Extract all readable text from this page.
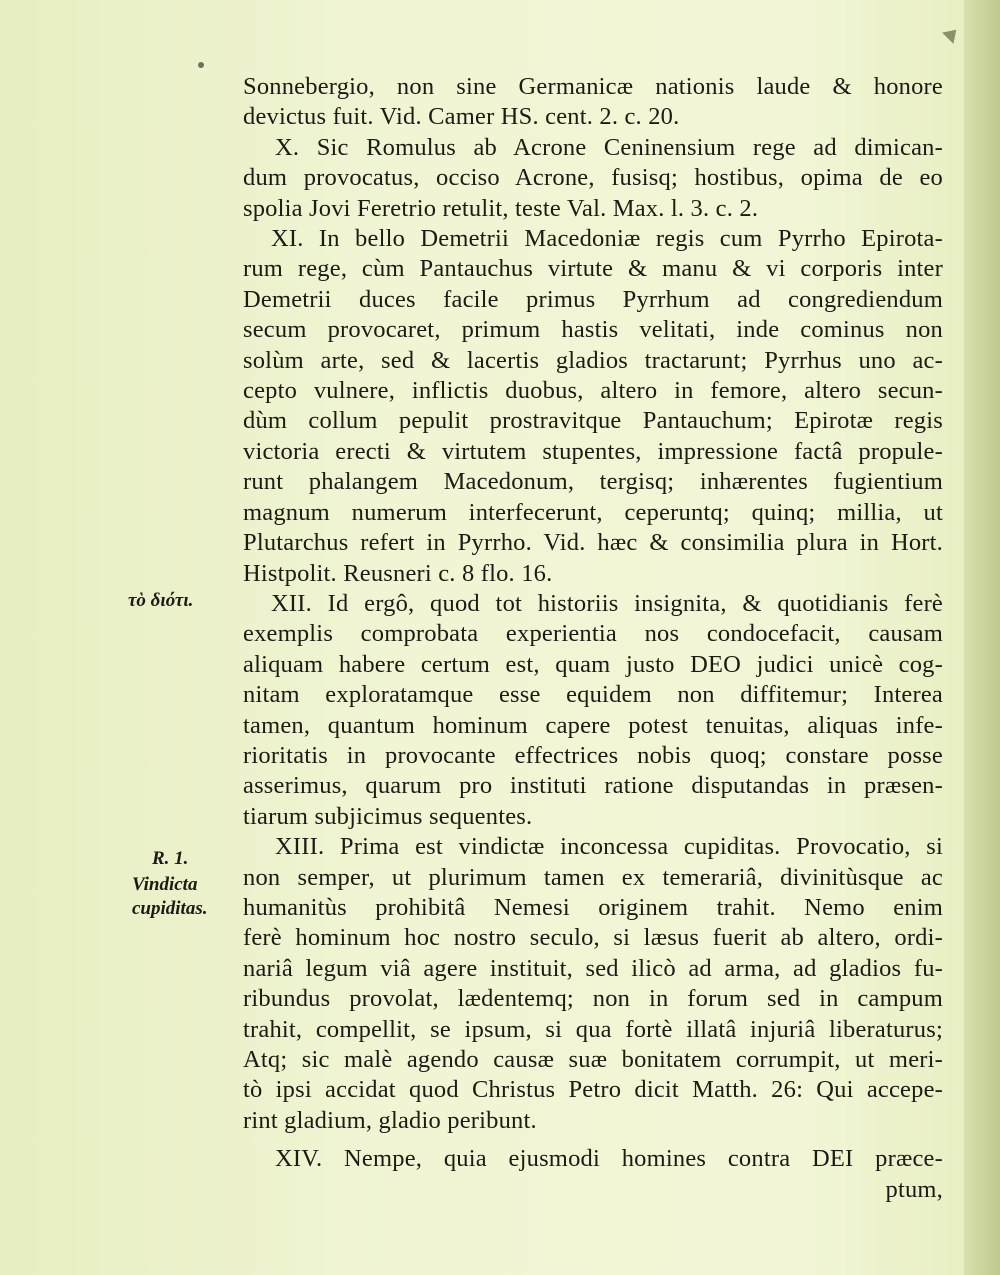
Sonnebergio, non sine Germanicæ nationis laude & honore
devictus fuit. Vid. Camer HS. cent. 2. c. 20.
X. Sic Romulus ab Acrone Ceninensium rege ad dimican-
dum provocatus, occiso Acrone, fusisq; hostibus, opima de eo
spolia Jovi Feretrio retulit, teste Val. Max. l. 3. c. 2.
XI. In bello Demetrii Macedoniæ regis cum Pyrrho Epirota-
rum rege, cùm Pantauchus virtute & manu & vi corporis inter
Demetrii duces facile primus Pyrrhum ad congrediendum
secum provocaret, primum hastis velitati, inde cominus non
solùm arte, sed & lacertis gladios tractarunt; Pyrrhus uno ac-
cepto vulnere, inflictis duobus, altero in femore, altero secun-
dùm collum pepulit prostravitque Pantauchum; Epirotæ regis
victoria erecti & virtutem stupentes, impressione factâ propule-
runt phalangem Macedonum, tergisq; inhærentes fugientium
magnum numerum interfecerunt, ceperuntq; quinq; millia, ut
Plutarchus refert in Pyrrho. Vid. hæc & consimilia plura in Hort.
Histpolit. Reusneri c. 8 flo. 16.
XII. Id ergô, quod tot historiis insignita, & quotidianis ferè
exemplis comprobata experientia nos condocefacit, causam
aliquam habere certum est, quam justo DEO judici unicè cog-
nitam exploratamque esse equidem non diffitemur; Interea
tamen, quantum hominum capere potest tenuitas, aliquas infe-
rioritatis in provocante effectrices nobis quoq; constare posse
asserimus, quarum pro instituti ratione disputandas in præsen-
tiarum subjicimus sequentes.
XIII. Prima est vindictæ inconcessa cupiditas. Provocatio, si
non semper, ut plurimum tamen ex temerariâ, divinitùsque ac
humanitùs prohibitâ Nemesi originem trahit. Nemo enim
ferè hominum hoc nostro seculo, si læsus fuerit ab altero, ordi-
nariâ legum viâ agere instituit, sed ilicò ad arma, ad gladios fu-
ribundus provolat, lædentemq; non in forum sed in campum
trahit, compellit, se ipsum, si qua fortè illatâ injuriâ liberaturus;
Atq; sic malè agendo causæ suæ bonitatem corrumpit, ut meri-
tò ipsi accidat quod Christus Petro dicit Matth. 26: Qui accepe-
rint gladium, gladio peribunt.
XIV. Nempe, quia ejusmodi homines contra DEI præce-
ptum,
τὸ διότι.
R. 1.
Vindicta
cupiditas.
